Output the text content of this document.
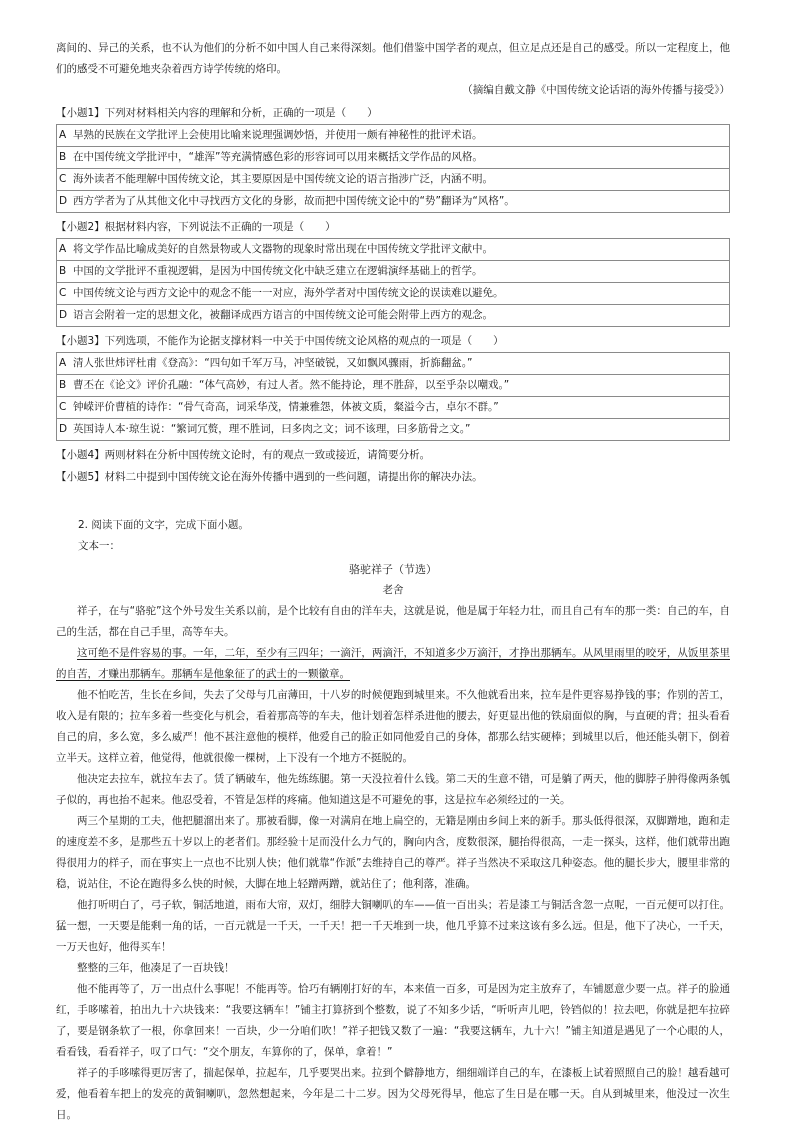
离间的、异己的关系，也不认为他们的分析不如中国人自己来得深刻。他们借鉴中国学者的观点，但立足点还是自己的感受。所以一定程度上，他们的感受不可避免地夹杂着西方诗学传统的烙印。

（摘编自戴文静《中国传统文论话语的海外传播与接受》）

【小题1】下列对材料相关内容的理解和分析，正确的一项是（　　）

A 早熟的民族在文学批评上会使用比喻来说理强调妙悟，并使用一颇有神秘性的批评术语。
B 在中国传统文学批评中，“雄浑”等充满情感色彩的形容词可以用来概括文学作品的风格。
C 海外读者不能理解中国传统文论，其主要原因是中国传统文论的语言指涉广泛，内涵不明。
D 西方学者为了从其他文化中寻找西方文化的身影，故而把中国传统文论中的“势”翻译为“风格”。

【小题2】根据材料内容，下列说法不正确的一项是（　　）

A 将文学作品比喻成美好的自然景物或人文器物的现象时常出现在中国传统文学批评文献中。
B 中国的文学批评不重视逻辑，是因为中国传统文化中缺乏建立在逻辑演绎基础上的哲学。
C 中国传统文论与西方文论中的观念不能一一对应，海外学者对中国传统文论的误读难以避免。
D 语言会附着一定的思想文化，被翻译成西方语言的中国传统文论可能会附带上西方的观念。

【小题3】下列选项，不能作为论据支撑材料一中关于中国传统文论风格的观点的一项是（　　）

A 清人张世炜评杜甫《登高》：“四句如千军万马，冲坚破锐，又如飘风骤雨，折旆翻盆。”
B 曹丕在《论文》评价孔融：“体气高妙，有过人者。然不能持论，理不胜辞，以至乎杂以嘲戏。”
C 钟嵘评价曹植的诗作：“骨气奇高，词采华茂，情兼雅怨，体被文质，粲溢今古，卓尔不群。”
D 英国诗人本·琼生说：“繁词冗赘，理不胜词，曰多肉之文；词不该理，曰多筋骨之文。”

【小题4】两则材料在分析中国传统文论时，有的观点一致或接近，请简要分析。

【小题5】材料二中提到中国传统文论在海外传播中遇到的一些问题，请提出你的解决办法。

2. 阅读下面的文字，完成下面小题。

文本一：

骆驼祥子（节选）

老舍

祥子，在与“骆驼”这个外号发生关系以前，是个比较有自由的洋车夫，这就是说，他是属于年轻力壮，而且自己有车的那一类：自己的车，自己的生活，都在自己手里，高等车夫。

这可绝不是件容易的事。一年，二年，至少有三四年；一滴汗，两滴汗，不知道多少万滴汗，才挣出那辆车。从风里雨里的咬牙，从饭里茶里的自苦，才赚出那辆车。那辆车是他象征了的武士的一颗徽章。

他不怕吃苦，生长在乡间，失去了父母与几亩薄田，十八岁的时候便跑到城里来。不久他就看出来，拉车是件更容易挣钱的事；作别的苦工，收入是有限的；拉车多着一些变化与机会，看着那高等的车夫，他计划着怎样杀进他的腰去，好更显出他的铁扇面似的胸，与直硬的背；扭头看看自己的肩，多么宽，多么威严！他不甚注意他的模样，他爱自己的脸正如同他爱自己的身体，都那么结实硬棒；到城里以后，他还能头朝下，倒着立半天。这样立着，他觉得，他就很像一棵树，上下没有一个地方不挺脱的。

他决定去拉车，就拉车去了。赁了辆破车，他先练练腿。第一天没拉着什么钱。第二天的生意不错，可是躺了两天，他的脚脖子肿得像两条瓠子似的，再也抬不起来。他忍受着，不管是怎样的疼痛。他知道这是不可避免的事，这是拉车必须经过的一关。

两三个星期的工夫，他把腿溜出来了。那被看脚，像一对满肩在地上扁空的，无籍是刚由乡间上来的新手。那头低得很深，双脚蹭地，跑和走的速度差不多，是那些五十岁以上的老者们。那经验十足而没什么力气的，胸向内含，度数很深，腿抬得很高，一走一探头，这样，他们就带出跑得很用力的样子，而在事实上一点也不比别人快；他们就靠“作派”去维持自己的尊严。祥子当然决不采取这几种姿态。他的腿长步大，腰里非常的稳，说站住，不论在跑得多么快的时候，大脚在地上轻蹭两蹭，就站住了；他利落，准确。

他打听明白了，弓子软，铜活地道，雨布大帘，双灯，细脖大铜喇叭的车——值一百出头；若是漆工与铜活含忽一点呢，一百元便可以打住。猛一想，一天要是能剩一角的话，一百元就是一千天，一千天！把一千天堆到一块，他几乎算不过来这该有多么远。但是，他下了决心，一千天，一万天也好，他得买车！

整整的三年，他凑足了一百块钱！

他不能再等了，万一出点什么事呢！不能再等。恰巧有辆刚打好的车，本来值一百多，可是因为定主放弃了，车铺愿意少要一点。祥子的脸通红，手哆嗦着，拍出九十六块钱来：“我要这辆车！”铺主打算挤到个整数，说了不知多少话，“听听声儿吧，铃铛似的！拉去吧，你就是把车拉碎了，要是钢条软了一根，你拿回来！一百块，少一分咱们吹！”祥子把钱又数了一遍：“我要这辆车，九十六！”铺主知道是遇见了一个心眼的人，看看钱，看看祥子，叹了口气：“交个朋友，车算你的了，保单，拿着！”

祥子的手哆嗦得更厉害了，揣起保单，拉起车，几乎要哭出来。拉到个僻静地方，细细端详自己的车，在漆板上试着照照自己的脸！越看越可爱，他看着车把上的发亮的黄铜喇叭，忽然想起来，今年是二十二岁。因为父母死得早，他忘了生日是在哪一天。自从到城里来，他没过一次生日。
